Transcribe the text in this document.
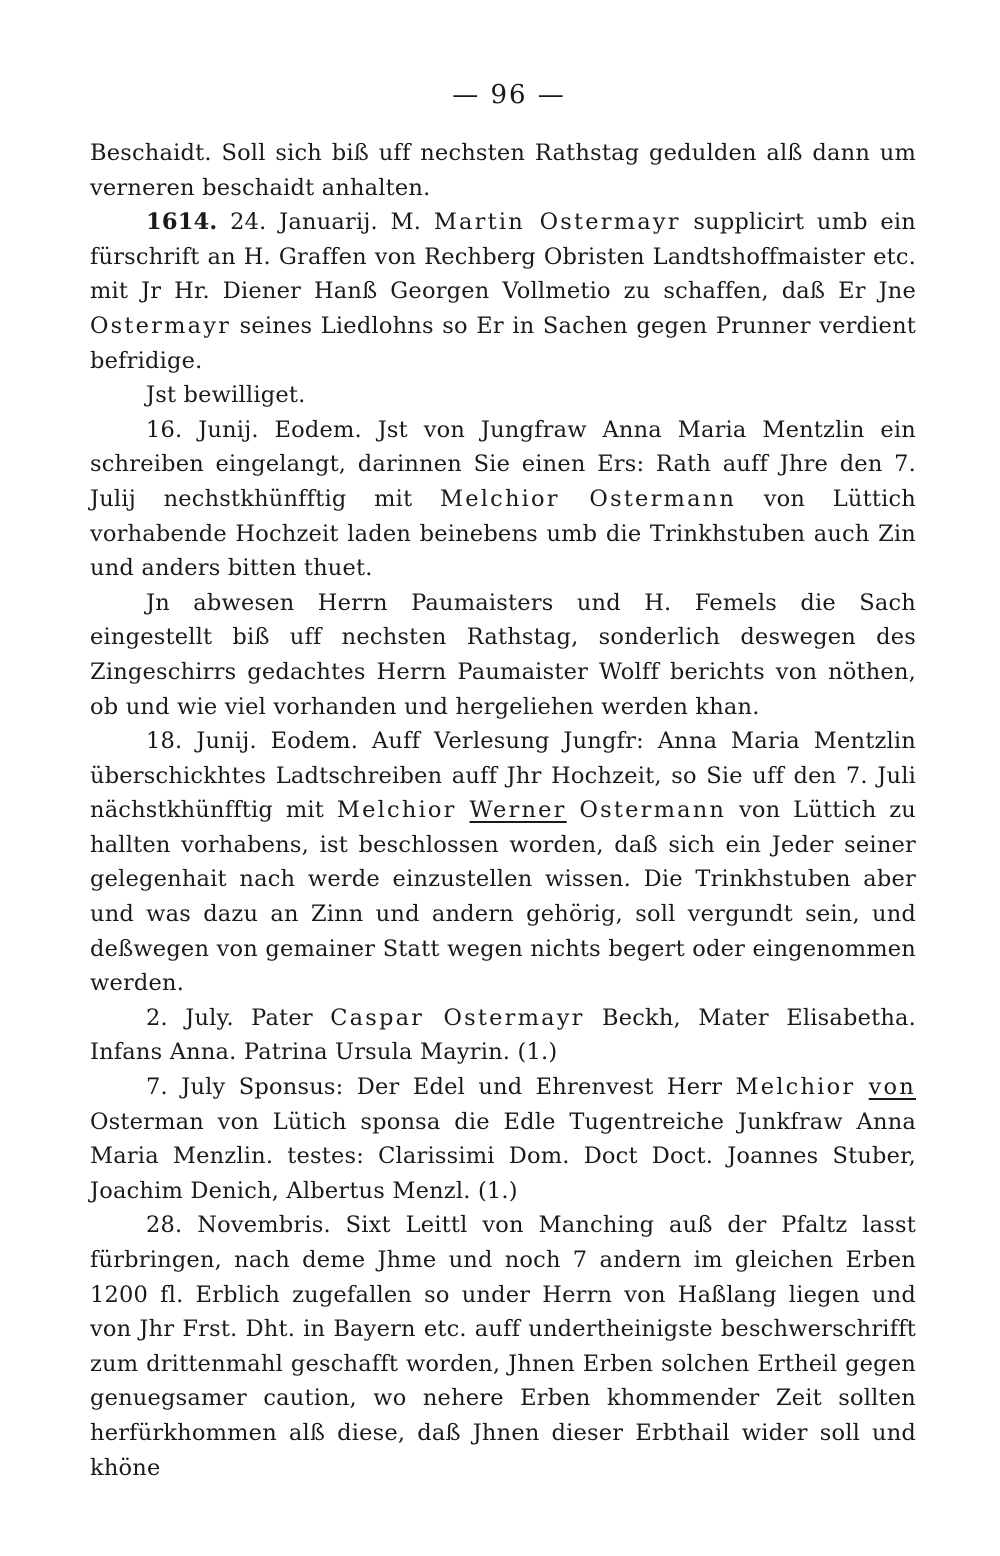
— 96 —

Beschaidt. Soll sich biß uff nechsten Rathstag gedulden alß dann um verneren beschaidt anhalten.

1614. 24. Januarij. M. Martin Ostermayr supplicirt umb ein fürschrift an H. Graffen von Rechberg Obristen Landtshoffmaister etc. mit Jr Hr. Diener Hanß Georgen Vollmetio zu schaffen, daß Er Jne Ostermayr seines Liedlohns so Er in Sachen gegen Prunner verdient befridige.

Jst bewilliget.

16. Junij. Eodem. Jst von Jungfraw Anna Maria Mentzlin ein schreiben eingelangt, darinnen Sie einen Ers: Rath auff Jhre den 7. Julij nechstkhünfftig mit Melchior Ostermann von Lüttich vorhabende Hochzeit laden beinebens umb die Trinkhstuben auch Zin und anders bitten thuet.

Jn abwesen Herrn Paumaisters und H. Femels die Sach eingestellt biß uff nechsten Rathstag, sonderlich deswegen des Zingeschirrs gedachtes Herrn Paumaister Wolff berichts von nöthen, ob und wie viel vorhanden und hergeliehen werden khan.

18. Junij. Eodem. Auff Verlesung Jungfr: Anna Maria Mentzlin überschickhtes Ladtschreiben auff Jhr Hochzeit, so Sie uff den 7. Juli nächstkhünfftig mit Melchior Werner Ostermann von Lüttich zu hallten vorhabens, ist beschlossen worden, daß sich ein Jeder seiner gelegenhait nach werde einzustellen wissen. Die Trinkhstuben aber und was dazu an Zinn und andern gehörig, soll vergundt sein, und deßwegen von gemainer Statt wegen nichts begert oder eingenommen werden.

2. July. Pater Caspar Ostermayr Beckh, Mater Elisabetha. Infans Anna. Patrina Ursula Mayrin. (1.)

7. July Sponsus: Der Edel und Ehrenvest Herr Melchior von Osterman von Lütich sponsa die Edle Tugentreiche Junkfraw Anna Maria Menzlin. testes: Clarissimi Dom. Doct Doct. Joannes Stuber, Joachim Denich, Albertus Menzl. (1.)

28. Novembris. Sixt Leittl von Manching auß der Pfaltz lasst fürbringen, nach deme Jhme und noch 7 andern im gleichen Erben 1200 fl. Erblich zugefallen so under Herrn von Haßlang liegen und von Jhr Frst. Dht. in Bayern etc. auff undertheinigste beschwerschrifft zum drittenmahl geschafft worden, Jhnen Erben solchen Ertheil gegen genuegsamer caution, wo nehere Erben khommender Zeit sollten herfürkhommen alß diese, daß Jhnen dieser Erbthail wider soll und khöne
